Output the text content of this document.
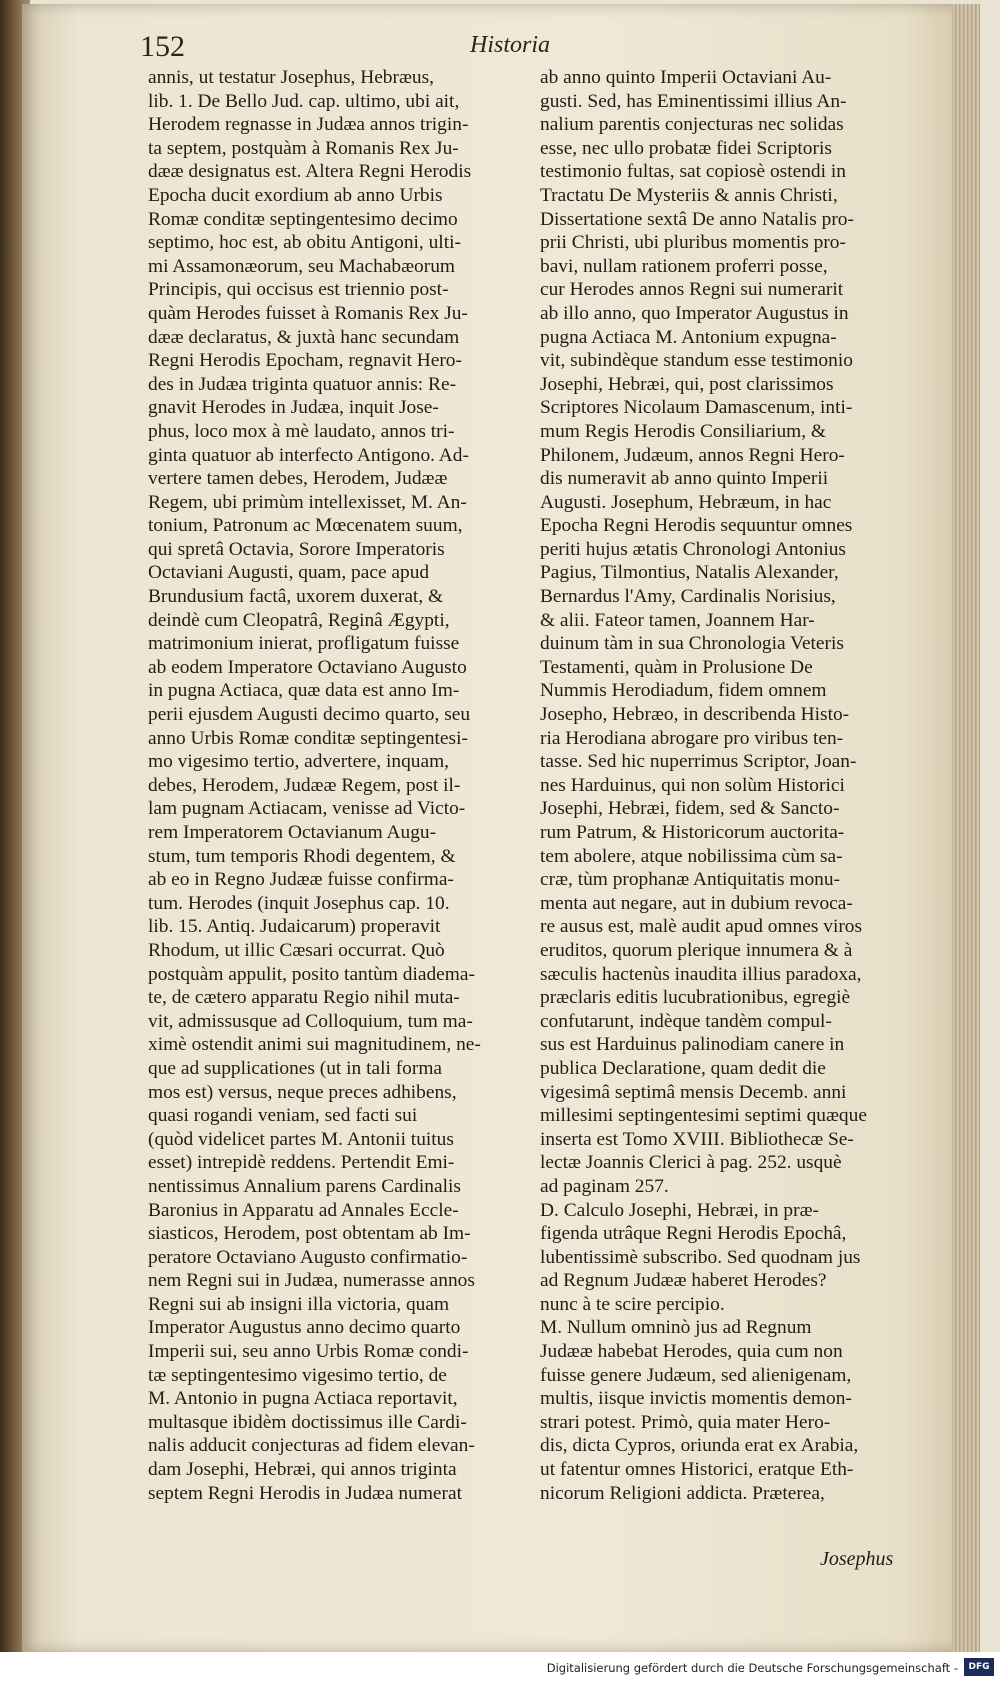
152	Historia
annis, ut testatur Josephus, Hebræus,
lib. 1. De Bello Jud. cap. ultimo, ubi ait,
Herodem regnasse in Judæa annos trigin-
ta septem, postquàm à Romanis Rex Ju-
dææ designatus est. Altera Regni Herodis
Epocha ducit exordium ab anno Urbis
Romæ conditæ septingentesimo decimo
septimo, hoc est, ab obitu Antigoni, ulti-
mi Assamonæorum, seu Machabæorum
Principis, qui occisus est triennio post-
quàm Herodes fuisset à Romanis Rex Ju-
dææ declaratus, & juxtà hanc secundam
Regni Herodis Epocham, regnavit Hero-
des in Judæa triginta quatuor annis: Re-
gnavit Herodes in Judæa, inquit Jose-
phus, loco mox à mè laudato, annos tri-
ginta quatuor ab interfecto Antigono. Ad-
vertere tamen debes, Herodem, Judææ
Regem, ubi primùm intellexisset, M. An-
tonium, Patronum ac Mœcenatem suum,
qui spretâ Octavia, Sorore Imperatoris
Octaviani Augusti, quam, pace apud
Brundusium factâ, uxorem duxerat, &
deindè cum Cleopatrâ, Reginâ Ægypti,
matrimonium inierat, profligatum fuisse
ab eodem Imperatore Octaviano Augusto
in pugna Actiaca, quæ data est anno Im-
perii ejusdem Augusti decimo quarto, seu
anno Urbis Romæ conditæ septingentesi-
mo vigesimo tertio, advertere, inquam,
debes, Herodem, Judææ Regem, post il-
lam pugnam Actiacam, venisse ad Victo-
rem Imperatorem Octavianum Augu-
stum, tum temporis Rhodi degentem, &
ab eo in Regno Judææ fuisse confirma-
tum. Herodes (inquit Josephus cap. 10.
lib. 15. Antiq. Judaicarum) properavit
Rhodum, ut illic Cæsari occurrat. Quò
postquàm appulit, posito tantùm diadema-
te, de cætero apparatu Regio nihil muta-
vit, admissusque ad Colloquium, tum ma-
ximè ostendit animi sui magnitudinem, ne-
que ad supplicationes (ut in tali forma
mos est) versus, neque preces adhibens,
quasi rogandi veniam, sed facti sui
(quòd videlicet partes M. Antonii tuitus
esset) intrepidè reddens. Pertendit Emi-
nentissimus Annalium parens Cardinalis
Baronius in Apparatu ad Annales Eccle-
siasticos, Herodem, post obtentam ab Im-
peratore Octaviano Augusto confirmatio-
nem Regni sui in Judæa, numerasse annos
Regni sui ab insigni illa victoria, quam
Imperator Augustus anno decimo quarto
Imperii sui, seu anno Urbis Romæ condi-
tæ septingentesimo vigesimo tertio, de
M. Antonio in pugna Actiaca reportavit,
multasque ibidèm doctissimus ille Cardi-
nalis adducit conjecturas ad fidem elevan-
dam Josephi, Hebræi, qui annos triginta
septem Regni Herodis in Judæa numerat
ab anno quinto Imperii Octaviani Au-
gusti. Sed, has Eminentissimi illius An-
nalium parentis conjecturas nec solidas
esse, nec ullo probatæ fidei Scriptoris
testimonio fultas, sat copiosè ostendi in
Tractatu De Mysteriis & annis Christi,
Dissertatione sextâ De anno Natalis pro-
prii Christi, ubi pluribus momentis pro-
bavi, nullam rationem proferri posse,
cur Herodes annos Regni sui numerarit
ab illo anno, quo Imperator Augustus in
pugna Actiaca M. Antonium expugna-
vit, subindèque standum esse testimonio
Josephi, Hebræi, qui, post clarissimos
Scriptores Nicolaum Damascenum, inti-
mum Regis Herodis Consiliarium, &
Philonem, Judæum, annos Regni Hero-
dis numeravit ab anno quinto Imperii
Augusti. Josephum, Hebræum, in hac
Epocha Regni Herodis sequuntur omnes
periti hujus ætatis Chronologi Antonius
Pagius, Tilmontius, Natalis Alexander,
Bernardus l'Amy, Cardinalis Norisius,
& alii. Fateor tamen, Joannem Har-
duinum tàm in sua Chronologia Veteris
Testamenti, quàm in Prolusione De
Nummis Herodiadum, fidem omnem
Josepho, Hebræo, in describenda Histo-
ria Herodiana abrogare pro viribus ten-
tasse. Sed hic nuperrimus Scriptor, Joan-
nes Harduinus, qui non solùm Historici
Josephi, Hebræi, fidem, sed & Sancto-
rum Patrum, & Historicorum auctorita-
tem abolere, atque nobilissima cùm sa-
cræ, tùm prophanæ Antiquitatis monu-
menta aut negare, aut in dubium revoca-
re ausus est, malè audit apud omnes viros
eruditos, quorum plerique innumera & à
sæculis hactenùs inaudita illius paradoxa,
præclaris editis lucubrationibus, egregiè
confutarunt, indèque tandèm compul-
sus est Harduinus palinodiam canere in
publica Declaratione, quam dedit die
vigesimâ septimâ mensis Decemb. anni
millesimi septingentesimi septimi quæque
inserta est Tomo XVIII. Bibliothecæ Se-
lectæ Joannis Clerici à pag. 252. usquè
ad paginam 257.
D. Calculo Josephi, Hebræi, in præ-
figenda utrâque Regni Herodis Epochâ,
lubentissimè subscribo. Sed quodnam jus
ad Regnum Judææ haberet Herodes?
nunc à te scire percipio.
M. Nullum omninò jus ad Regnum
Judææ habebat Herodes, quia cum non
fuisse genere Judæum, sed alienigenam,
multis, iisque invictis momentis demon-
strari potest. Primò, quia mater Hero-
dis, dicta Cypros, oriunda erat ex Arabia,
ut fatentur omnes Historici, eratque Eth-
nicorum Religioni addicta. Præterea,
Josephus
Digitalisierung gefördert durch die Deutsche Forschungsgemeinschaft -	DFG
